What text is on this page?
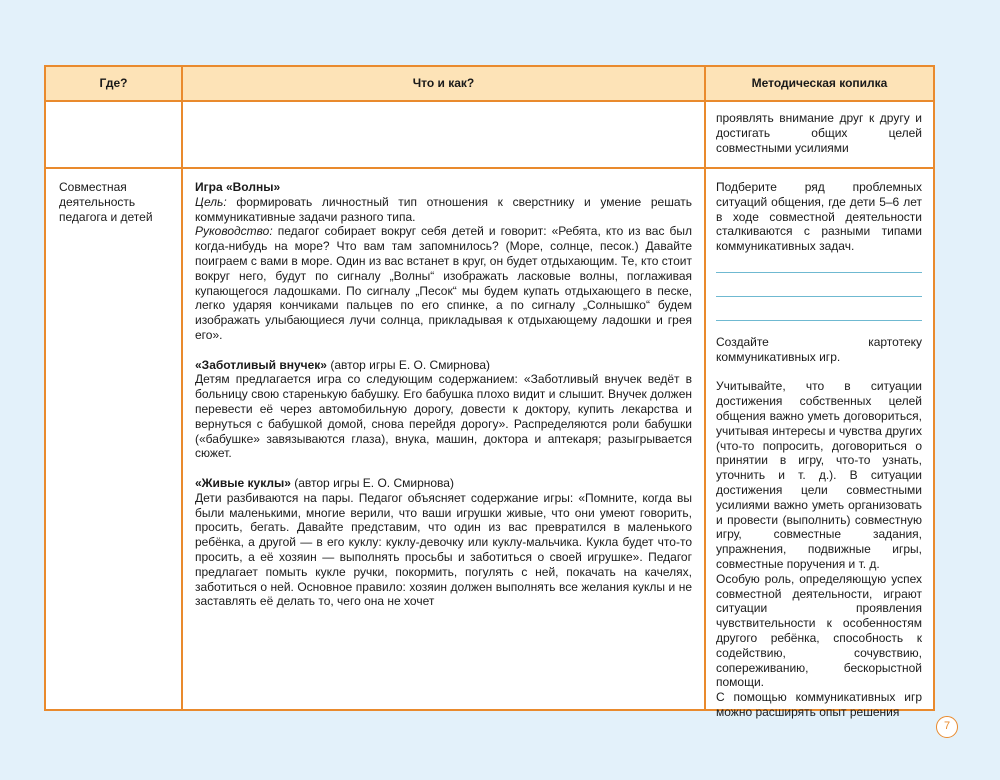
Где?	Что и как?	Методическая копилка

проявлять внимание друг к другу и достигать общих целей совместными усилиями

Совместная деятельность педагога и детей

Игра «Волны»

Цель: формировать личностный тип отношения к сверстнику и умение решать коммуникативные задачи разного типа.

Руководство: педагог собирает вокруг себя детей и говорит: «Ребята, кто из вас был когда-нибудь на море? Что вам там запомнилось? (Море, солнце, песок.) Давайте поиграем с вами в море. Один из вас встанет в круг, он будет отдыхающим. Те, кто стоит вокруг него, будут по сигналу „Волны“ изображать ласковые волны, поглаживая купающегося ладошками. По сигналу „Песок“ мы будем купать отдыхающего в песке, легко ударяя кончиками пальцев по его спинке, а по сигналу „Солнышко“ будем изображать улыбающиеся лучи солнца, прикладывая к отдыхающему ладошки и грея его».

«Заботливый внучек» (автор игры Е. О. Смирнова)

Детям предлагается игра со следующим содержанием: «Заботливый внучек ведёт в больницу свою старенькую бабушку. Его бабушка плохо видит и слышит. Внучек должен перевести её через автомобильную дорогу, довести к доктору, купить лекарства и вернуться с бабушкой домой, снова перейдя дорогу». Распределяются роли бабушки («бабушке» завязываются глаза), внука, машин, доктора и аптекаря; разыгрывается сюжет.

«Живые куклы» (автор игры Е. О. Смирнова)

Дети разбиваются на пары. Педагог объясняет содержание игры: «Помните, когда вы были маленькими, многие верили, что ваши игрушки живые, что они умеют говорить, просить, бегать. Давайте представим, что один из вас превратился в маленького ребёнка, а другой — в его куклу: куклу-девочку или куклу-мальчика. Кукла будет что-то просить, а её хозяин — выполнять просьбы и заботиться о своей игрушке». Педагог предлагает помыть кукле ручки, покормить, погулять с ней, покачать на качелях, заботиться о ней. Основное правило: хозяин должен выполнять все желания куклы и не заставлять её делать то, чего она не хочет

Подберите ряд проблемных ситуаций общения, где дети 5–6 лет в ходе совместной деятельности сталкиваются с разными типами коммуникативных задач.

Создайте картотеку коммуникативных игр.

Учитывайте, что в ситуации достижения собственных целей общения важно уметь договориться, учитывая интересы и чувства других (что-то попросить, договориться о принятии в игру, что-то узнать, уточнить и т. д.). В ситуации достижения цели совместными усилиями важно уметь организовать и провести (выполнить) совместную игру, совместные задания, упражнения, подвижные игры, совместные поручения и т. д.

Особую роль, определяющую успех совместной деятельности, играют ситуации проявления чувствительности к особенностям другого ребёнка, способность к содействию, сочувствию, сопереживанию, бескорыстной помощи.

С помощью коммуникативных игр можно расширять опыт решения

7
